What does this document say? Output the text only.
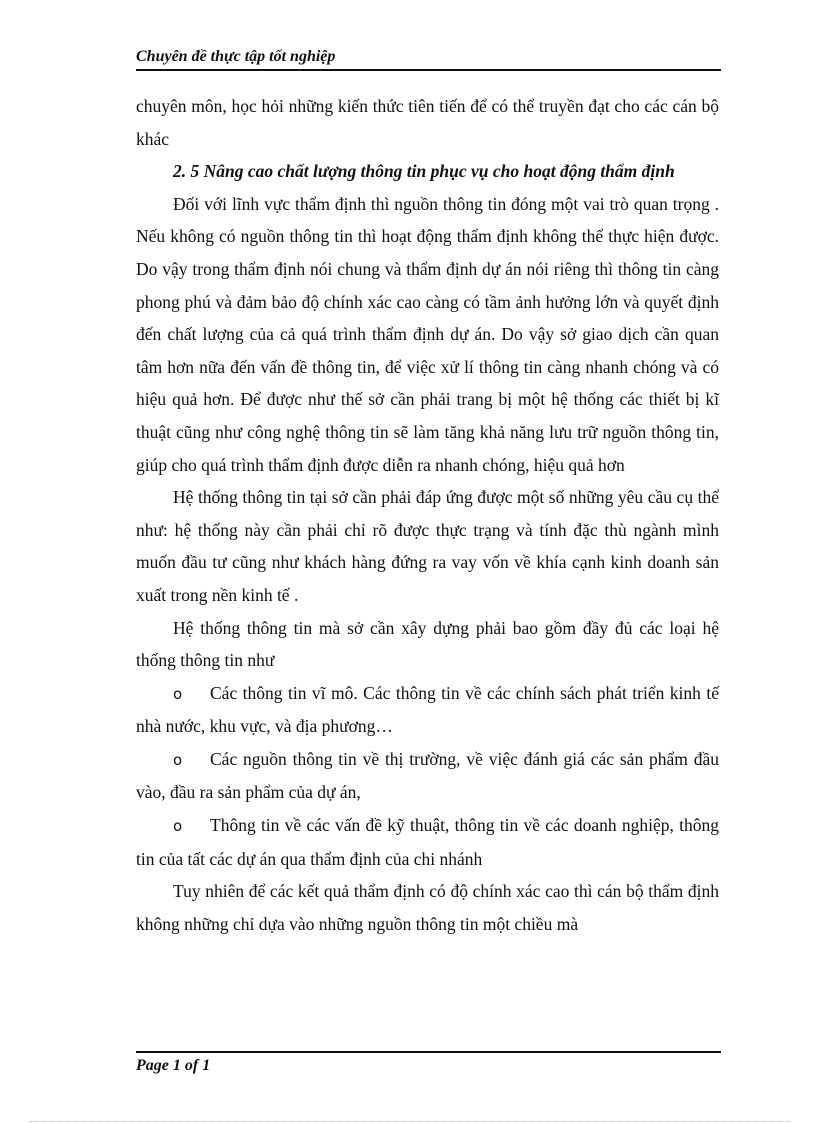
Chuyên đề thực tập tốt nghiệp

chuyên môn, học hỏi những kiến thức tiên tiến để có thể truyền đạt cho các cán bộ khác

2. 5 Nâng cao chất lượng thông tin phục vụ cho hoạt động thẩm định

Đối với lĩnh vực thẩm định thì nguồn thông tin đóng một vai trò quan trọng . Nếu không có nguồn thông tin thì hoạt động thẩm định không thể thực hiện được. Do vậy trong thẩm định nói chung và thẩm định dự án nói riêng thì thông tin càng phong phú và đảm bảo độ chính xác cao càng có tầm ảnh hưởng lớn và quyết định đến chất lượng của cả quá trình thẩm định dự án. Do vậy sở giao dịch cần quan tâm hơn nữa đến vấn đề thông tin, để việc xử lí thông tin càng nhanh chóng và có hiệu quả hơn. Để được như thế sở cần phải trang bị một hệ thống các thiết bị kĩ thuật cũng như công nghệ thông tin sẽ làm tăng khả năng lưu trữ nguồn thông tin, giúp cho quá trình thẩm định được diễn ra nhanh chóng, hiệu quả hơn

Hệ thống thông tin tại sở cần phải đáp ứng được một số những yêu cầu cụ thể như: hệ thống này cần phải chỉ rõ được thực trạng và tính đặc thù ngành mình muốn đầu tư cũng như khách hàng đứng ra vay vốn về khía cạnh kinh doanh sản xuất trong nền kinh tế .

Hệ thống thông tin mà sở cần xây dựng phải bao gồm đầy đủ các loại hệ thống thông tin như

o Các thông tin vĩ mô. Các thông tin về các chính sách phát triển kinh tế nhà nước, khu vực, và địa phương…

o Các nguồn thông tin về thị trường, về việc đánh giá các sản phẩm đầu vào, đầu ra sản phẩm của dự án,

o Thông tin về các vấn đề kỹ thuật, thông tin về các doanh nghiệp, thông tin của tất các dự án qua thẩm định của chi nhánh

Tuy nhiên để các kết quả thẩm định có độ chính xác cao thì cán bộ thẩm định không những chỉ dựa vào những nguồn thông tin một chiều mà

Page 1 of 1
